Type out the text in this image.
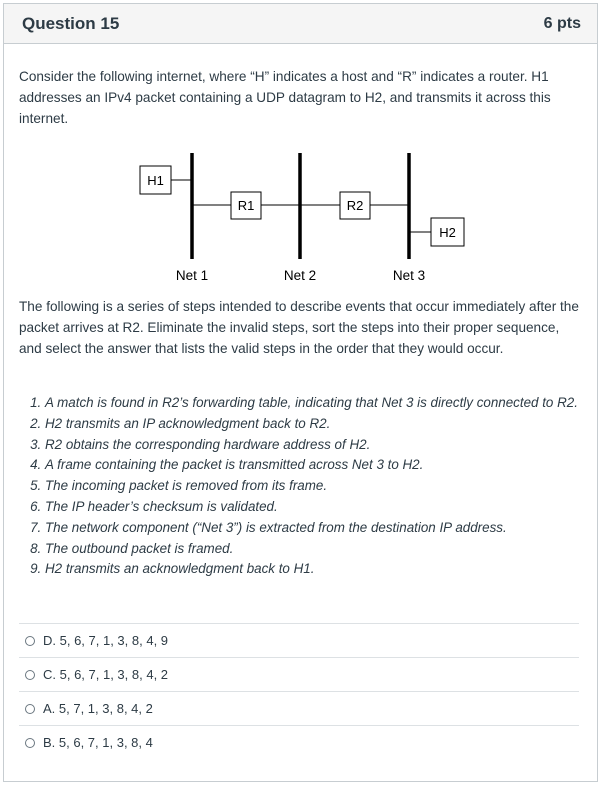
Question 15	6 pts
Consider the following internet, where “H” indicates a host and “R” indicates a router. H1 addresses an IPv4 packet containing a UDP datagram to H2, and transmits it across this internet.
H1
R1	R2
H2
Net 1	Net 2	Net 3
The following is a series of steps intended to describe events that occur immediately after the packet arrives at R2. Eliminate the invalid steps, sort the steps into their proper sequence, and select the answer that lists the valid steps in the order that they would occur.
1. A match is found in R2’s forwarding table, indicating that Net 3 is directly connected to R2.
2. H2 transmits an IP acknowledgment back to R2.
3. R2 obtains the corresponding hardware address of H2.
4. A frame containing the packet is transmitted across Net 3 to H2.
5. The incoming packet is removed from its frame.
6. The IP header’s checksum is validated.
7. The network component (“Net 3”) is extracted from the destination IP address.
8. The outbound packet is framed.
9. H2 transmits an acknowledgment back to H1.
D. 5, 6, 7, 1, 3, 8, 4, 9
C. 5, 6, 7, 1, 3, 8, 4, 2
A. 5, 7, 1, 3, 8, 4, 2
B. 5, 6, 7, 1, 3, 8, 4
